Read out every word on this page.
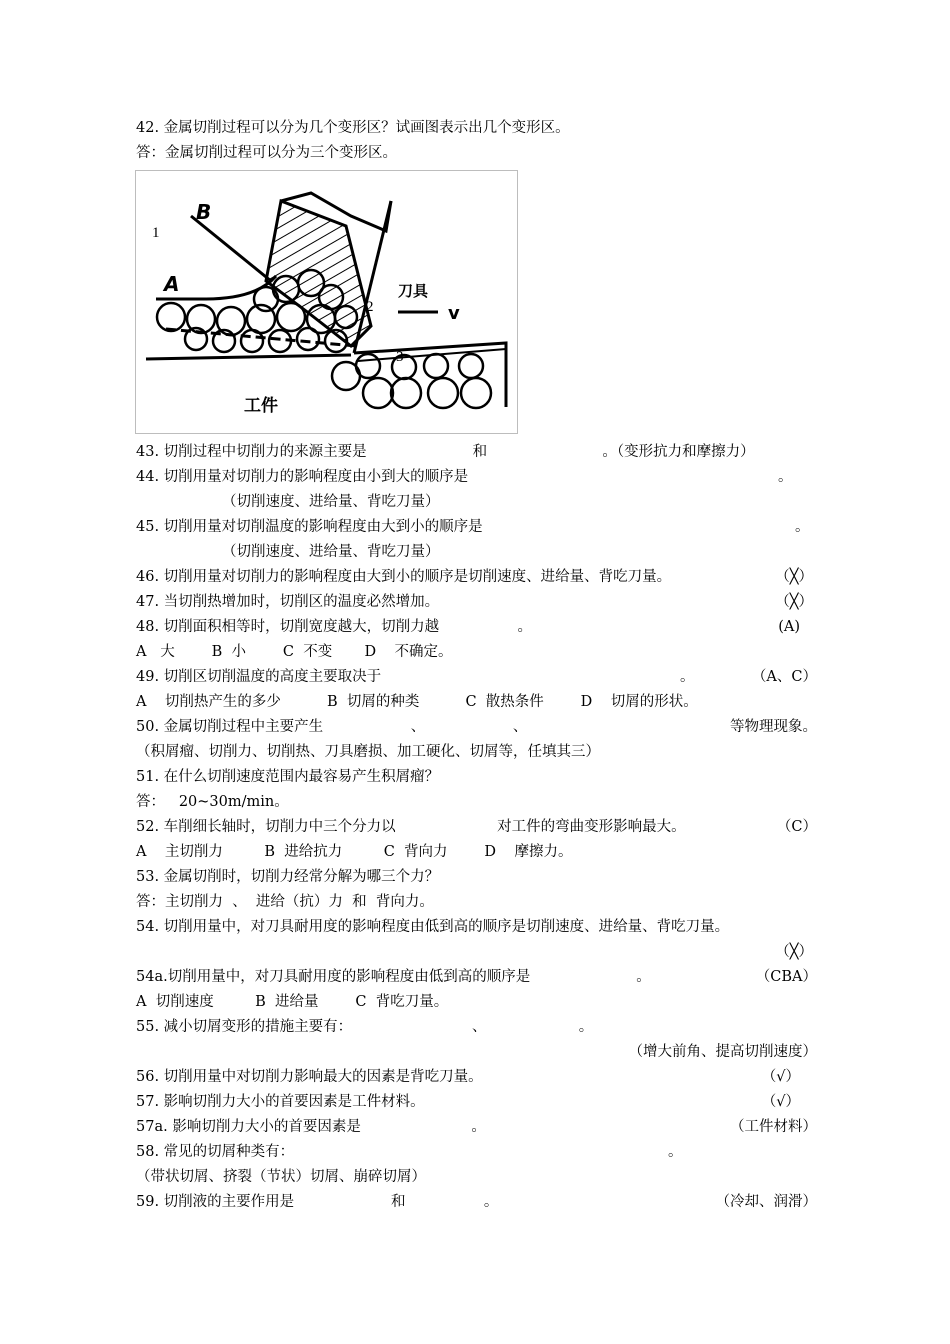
42. 金属切削过程可以分为几个变形区？试画图表示出几个变形区。
答：金属切削过程可以分为三个变形区。
1
2
3
B
A	刀具
v
工件
43. 切削过程中切削力的来源主要是                       和                         。（变形抗力和摩擦力）
44. 切削用量对切削力的影响程度由小到大的顺序是	。
（切削速度、进给量、背吃刀量）
45. 切削用量对切削温度的影响程度由大到小的顺序是	。
（切削速度、进给量、背吃刀量）
46. 切削用量对切削力的影响程度由大到小的顺序是切削速度、进给量、背吃刀量。	（╳）
47. 当切削热增加时，切削区的温度必然增加。	（╳）
48. 切削面积相等时，切削宽度越大，切削力越                 。	(A)
A   大        B  小        C  不变       D    不确定。
49. 切削区切削温度的高度主要取决于	。	（A、C）
A    切削热产生的多少          B  切屑的种类          C  散热条件        D    切屑的形状。
50. 金属切削过程中主要产生                   、                   、	等物理现象。
（积屑瘤、切削力、切削热、刀具磨损、加工硬化、切屑等，任填其三）
51. 在什么切削速度范围内最容易产生积屑瘤？
答：   20~30m/min。
52. 车削细长轴时，切削力中三个分力以                      对工件的弯曲变形影响最大。	（C）
A    主切削力         B  进给抗力         C  背向力        D    摩擦力。
53. 金属切削时，切削力经常分解为哪三个力？
答：主切削力  、  进给（抗）力  和  背向力。
54. 切削用量中，对刀具耐用度的影响程度由低到高的顺序是切削速度、进给量、背吃刀量。
（╳）
54a.切削用量中，对刀具耐用度的影响程度由低到高的顺序是                       。	（CBA）
A  切削速度         B  进给量        C  背吃刀量。
55. 减小切屑变形的措施主要有：                          、                    。
（增大前角、提高切削速度）
56. 切削用量中对切削力影响最大的因素是背吃刀量。	（√）
57. 影响切削力大小的首要因素是工件材料。	（√）
57a. 影响切削力大小的首要因素是                        。	（工件材料）
58. 常见的切屑种类有：	。
（带状切屑、挤裂（节状）切屑、崩碎切屑）
59. 切削液的主要作用是                     和                 。	（冷却、润滑）
